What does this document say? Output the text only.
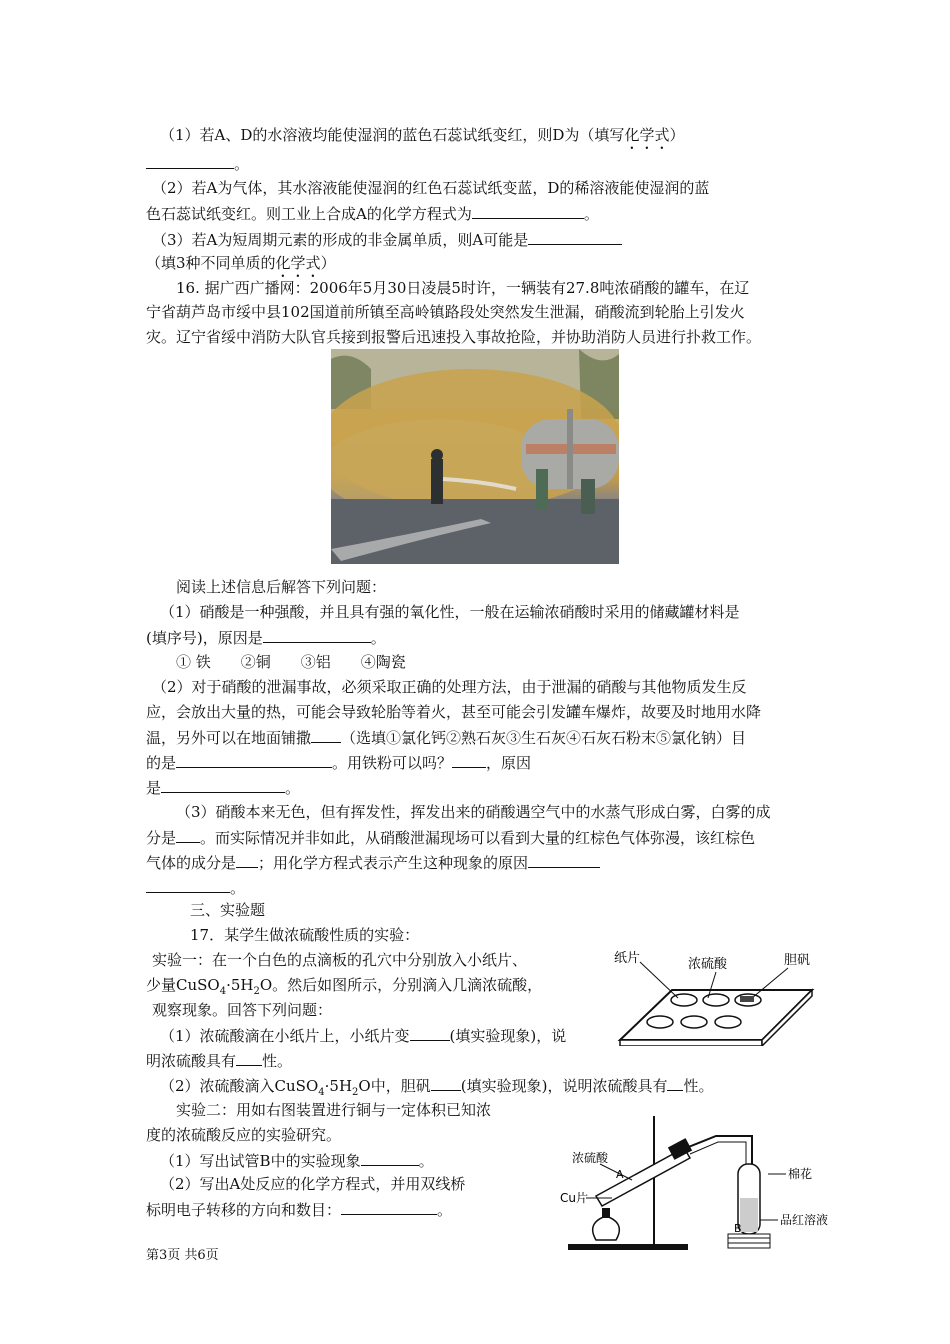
（1）若A、D的水溶液均能使湿润的蓝色石蕊试纸变红，则D为（填写化学式）
。
（2）若A为气体，其水溶液能使湿润的红色石蕊试纸变蓝，D的稀溶液能使湿润的蓝
色石蕊试纸变红。则工业上合成A的化学方程式为	。
（3）若A为短周期元素的形成的非金属单质，则A可能是
（填3种不同单质的化学式）
16. 据广西广播网：2006年5月30日凌晨5时许，一辆装有27.8吨浓硝酸的罐车，在辽
宁省葫芦岛市绥中县102国道前所镇至高岭镇路段处突然发生泄漏，硝酸流到轮胎上引发火
灾。辽宁省绥中消防大队官兵接到报警后迅速投入事故抢险，并协助消防人员进行扑救工作。
阅读上述信息后解答下列问题：
（1）硝酸是一种强酸，并且具有强的氧化性，一般在运输浓硝酸时采用的储藏罐材料是
(填序号)，原因是	。
① 铁　　②铜　　③铝　　④陶瓷
（2）对于硝酸的泄漏事故，必须采取正确的处理方法，由于泄漏的硝酸与其他物质发生反
应，会放出大量的热，可能会导致轮胎等着火，甚至可能会引发罐车爆炸，故要及时地用水降
温，另外可以在地面铺撒 （选填①氯化钙②熟石灰③生石灰④石灰石粉末⑤氯化钠）目
的是	。用铁粉可以吗？ ，原因
是	。
（3）硝酸本来无色，但有挥发性，挥发出来的硝酸遇空气中的水蒸气形成白雾，白雾的成
分是 。而实际情况并非如此，从硝酸泄漏现场可以看到大量的红棕色气体弥漫，该红棕色
气体的成分是 ；用化学方程式表示产生这种现象的原因
。
三、实验题
17．某学生做浓硫酸性质的实验：
实验一：在一个白色的点滴板的孔穴中分别放入小纸片、
少量$CuSO_4\cdot 5H_2O$。然后如图所示，分别滴入几滴浓硫酸，
观察现象。回答下列问题：
（1）浓硫酸滴在小纸片上，小纸片变	(填实验现象)，说
明浓硫酸具有 性。
（2）浓硫酸滴入$CuSO_4\cdot 5H_2O$中，胆矾 (填实验现象)，说明浓硫酸具有 性。
实验二：用如右图装置进行铜与一定体积已知浓
度的浓硫酸反应的实验研究。
（1）写出试管B中的实验现象	。
（2）写出A处反应的化学方程式，并用双线桥
标明电子转移的方向和数目：	。
纸片	浓硫酸	胆矾
浓硫酸
A
Cu片
棉花
B
品红溶液
第3页 共6页
